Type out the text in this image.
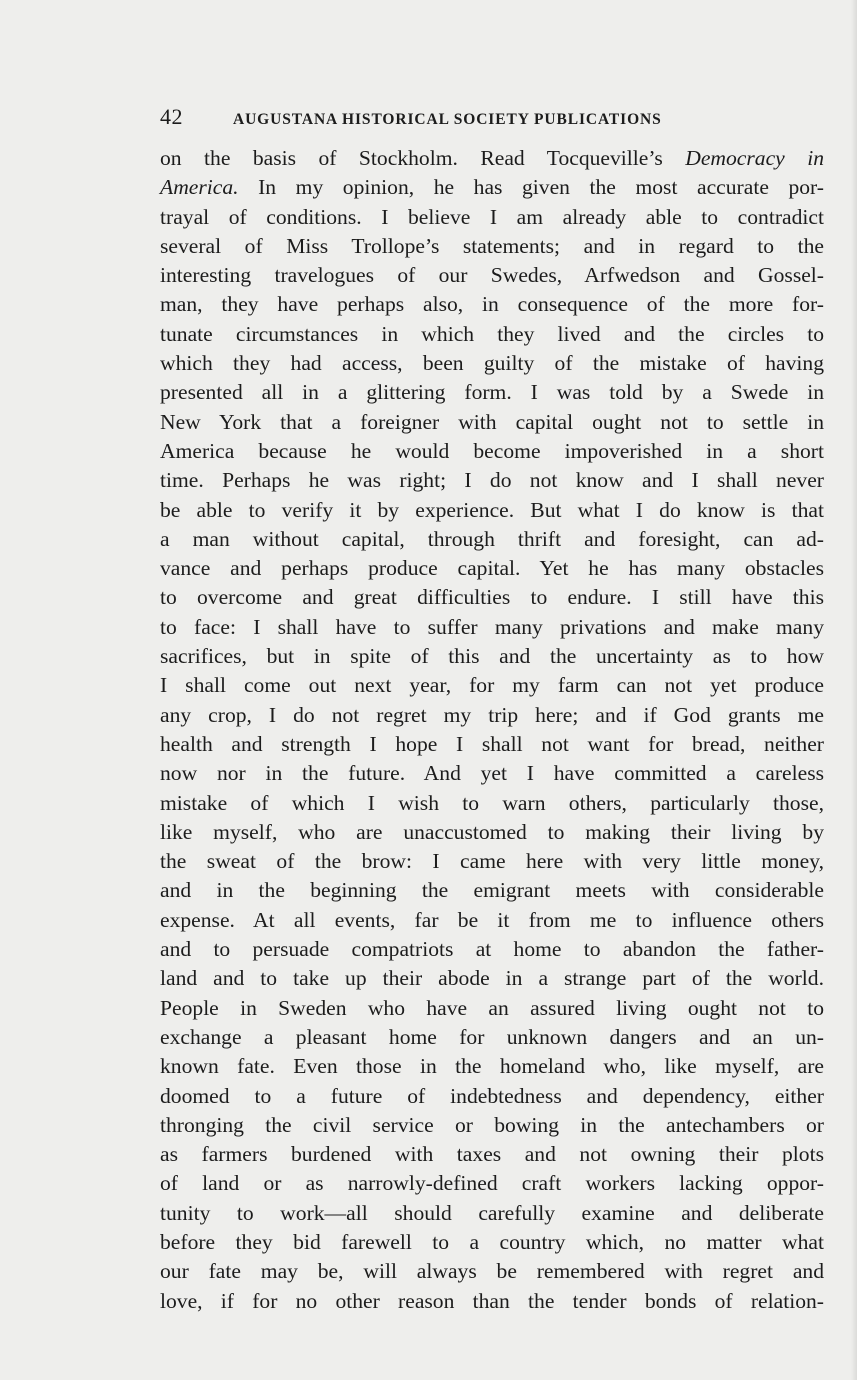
42	AUGUSTANA HISTORICAL SOCIETY PUBLICATIONS
on the basis of Stockholm. Read Tocqueville’s Democracy in
America. In my opinion, he has given the most accurate por-
trayal of conditions. I believe I am already able to contradict
several of Miss Trollope’s statements; and in regard to the
interesting travelogues of our Swedes, Arfwedson and Gossel-
man, they have perhaps also, in consequence of the more for-
tunate circumstances in which they lived and the circles to
which they had access, been guilty of the mistake of having
presented all in a glittering form. I was told by a Swede in
New York that a foreigner with capital ought not to settle in
America because he would become impoverished in a short
time. Perhaps he was right; I do not know and I shall never
be able to verify it by experience. But what I do know is that
a man without capital, through thrift and foresight, can ad-
vance and perhaps produce capital. Yet he has many obstacles
to overcome and great difficulties to endure. I still have this
to face: I shall have to suffer many privations and make many
sacrifices, but in spite of this and the uncertainty as to how
I shall come out next year, for my farm can not yet produce
any crop, I do not regret my trip here; and if God grants me
health and strength I hope I shall not want for bread, neither
now nor in the future. And yet I have committed a careless
mistake of which I wish to warn others, particularly those,
like myself, who are unaccustomed to making their living by
the sweat of the brow: I came here with very little money,
and in the beginning the emigrant meets with considerable
expense. At all events, far be it from me to influence others
and to persuade compatriots at home to abandon the father-
land and to take up their abode in a strange part of the world.
People in Sweden who have an assured living ought not to
exchange a pleasant home for unknown dangers and an un-
known fate. Even those in the homeland who, like myself, are
doomed to a future of indebtedness and dependency, either
thronging the civil service or bowing in the antechambers or
as farmers burdened with taxes and not owning their plots
of land or as narrowly-defined craft workers lacking oppor-
tunity to work—all should carefully examine and deliberate
before they bid farewell to a country which, no matter what
our fate may be, will always be remembered with regret and
love, if for no other reason than the tender bonds of relation-
